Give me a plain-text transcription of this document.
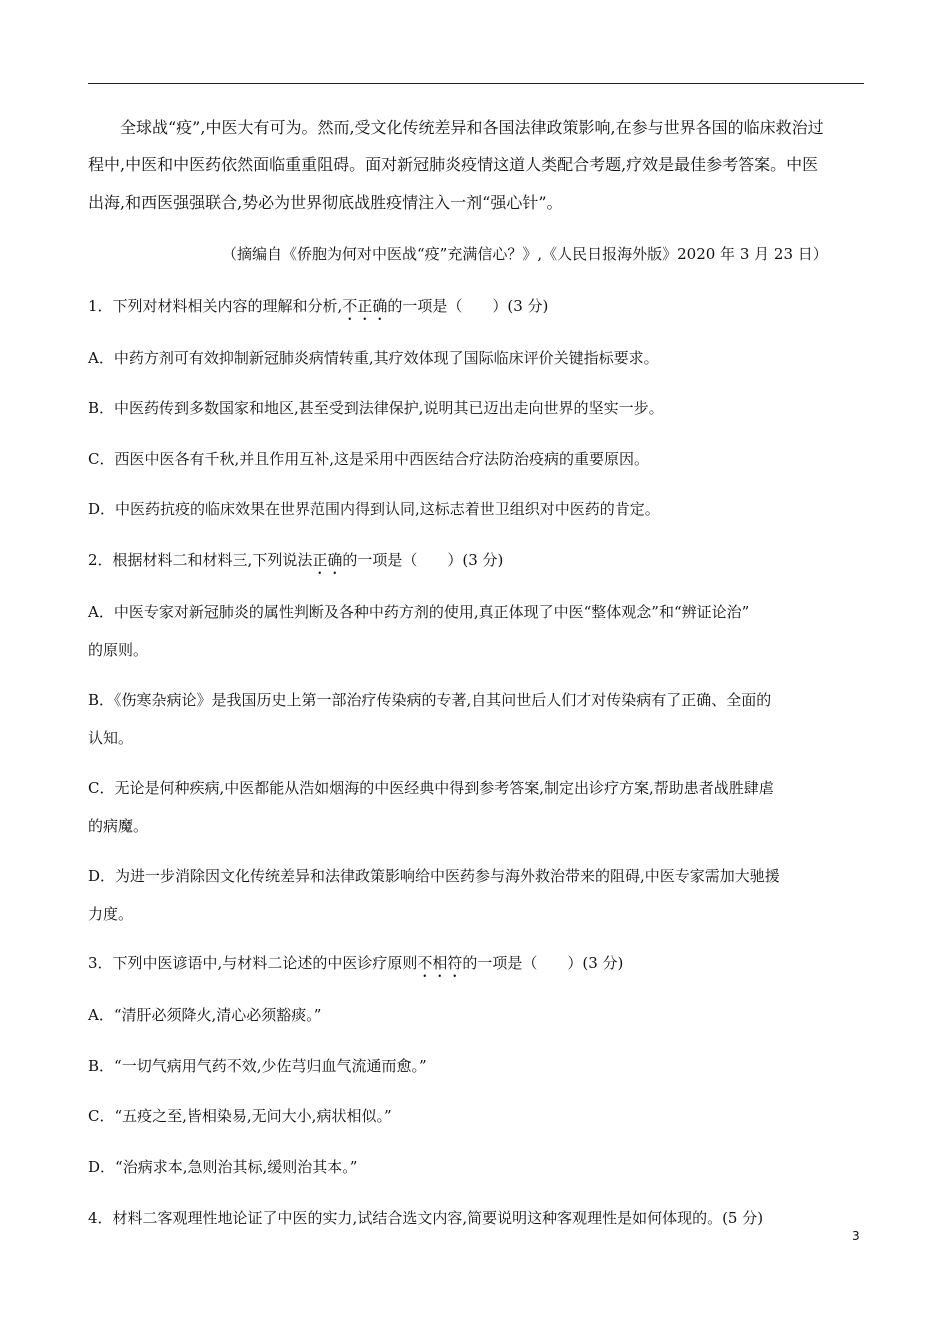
全球战“疫”,中医大有可为。然而,受文化传统差异和各国法律政策影响,在参与世界各国的临床救治过
程中,中医和中医药依然面临重重阻碍。面对新冠肺炎疫情这道人类配合考题,疗效是最佳参考答案。中医
出海,和西医强强联合,势必为世界彻底战胜疫情注入一剂“强心针”。
（摘编自《侨胞为何对中医战“疫”充满信心？》,《人民日报海外版》2020 年 3 月 23 日）
1．下列对材料相关内容的理解和分析,不正确的一项是（　　）(3 分)
A．中药方剂可有效抑制新冠肺炎病情转重,其疗效体现了国际临床评价关键指标要求。
B．中医药传到多数国家和地区,甚至受到法律保护,说明其已迈出走向世界的坚实一步。
C．西医中医各有千秋,并且作用互补,这是采用中西医结合疗法防治疫病的重要原因。
D．中医药抗疫的临床效果在世界范围内得到认同,这标志着世卫组织对中医药的肯定。
2．根据材料二和材料三,下列说法正确的一项是（　　）(3 分)
A．中医专家对新冠肺炎的属性判断及各种中药方剂的使用,真正体现了中医“整体观念”和“辨证论治”
的原则。
B．《伤寒杂病论》是我国历史上第一部治疗传染病的专著,自其问世后人们才对传染病有了正确、全面的
认知。
C．无论是何种疾病,中医都能从浩如烟海的中医经典中得到参考答案,制定出诊疗方案,帮助患者战胜肆虐
的病魔。
D．为进一步消除因文化传统差异和法律政策影响给中医药参与海外救治带来的阻碍,中医专家需加大驰援
力度。
3．下列中医谚语中,与材料二论述的中医诊疗原则不相符的一项是（　　）(3 分)
A．“清肝必须降火,清心必须豁痰。”
B．“一切气病用气药不效,少佐芎归血气流通而愈。”
C．“五疫之至,皆相染易,无问大小,病状相似。”
D．“治病求本,急则治其标,缓则治其本。”
4．材料二客观理性地论证了中医的实力,试结合选文内容,简要说明这种客观理性是如何体现的。(5 分)
3
